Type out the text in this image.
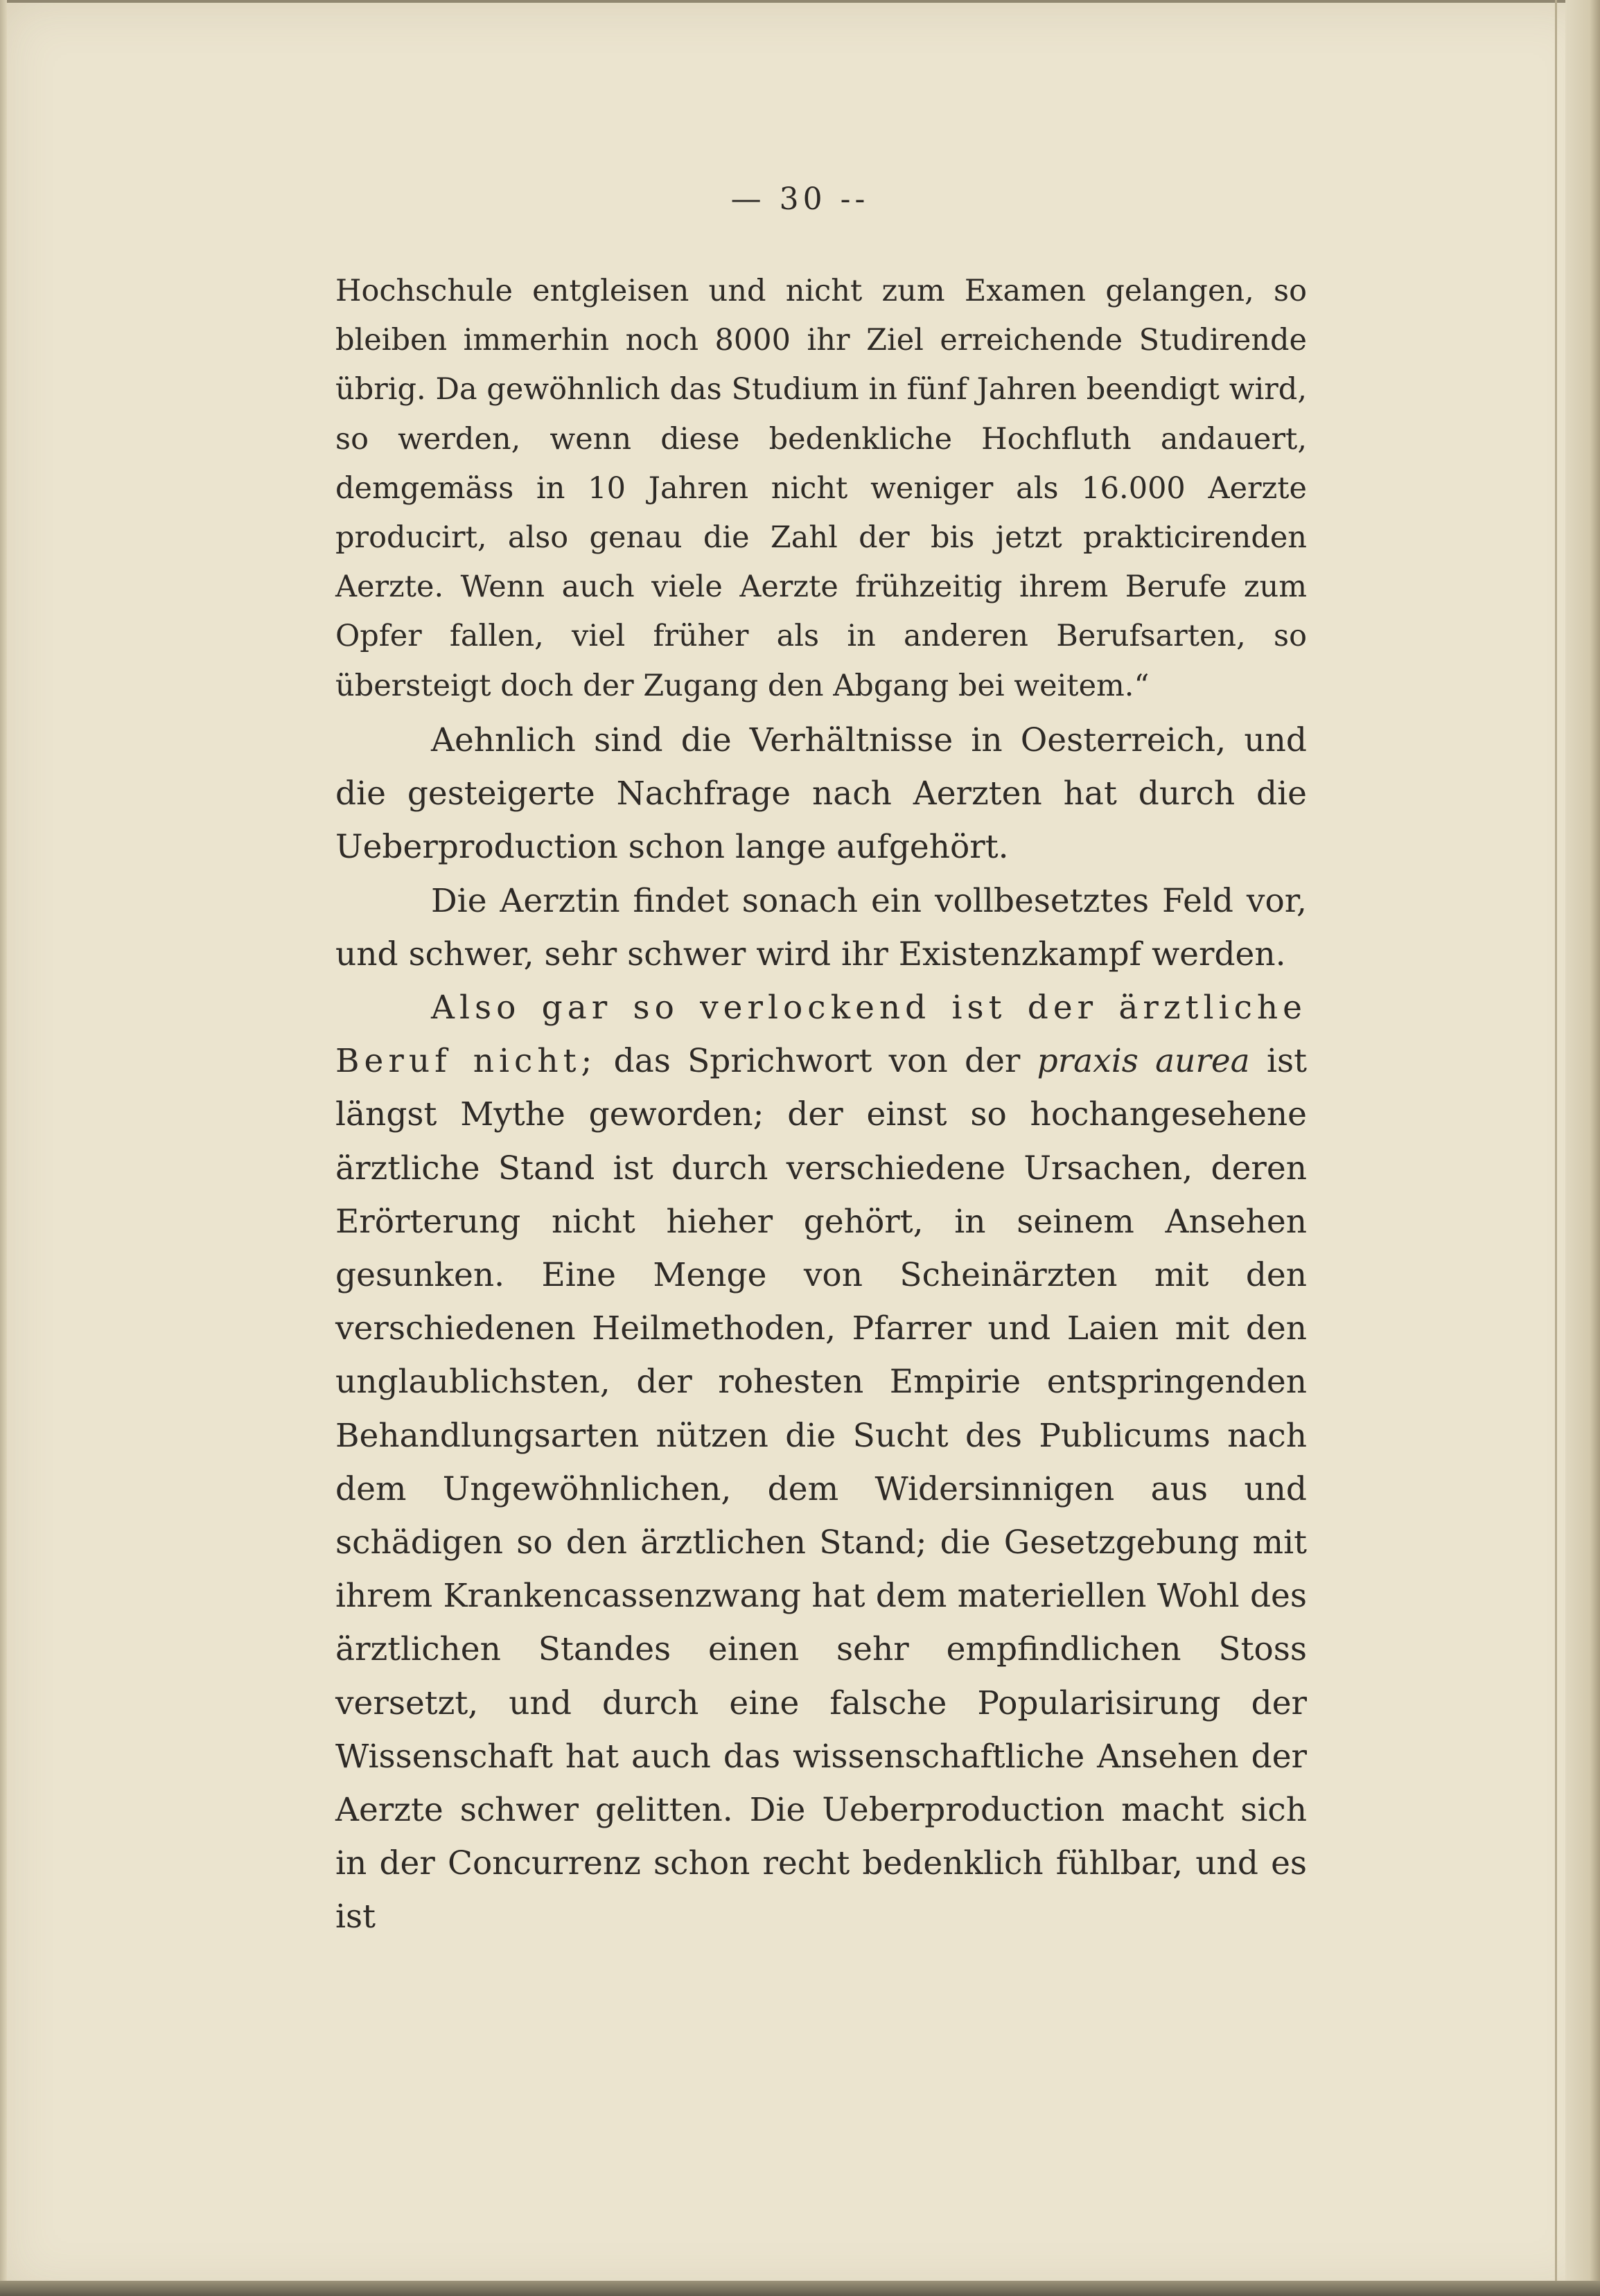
— 30 --

Hochschule entgleisen und nicht zum Examen gelangen, so bleiben immerhin noch 8000 ihr Ziel erreichende Studirende übrig. Da gewöhnlich das Studium in fünf Jahren beendigt wird, so werden, wenn diese bedenkliche Hochfluth andauert, demgemäss in 10 Jahren nicht weniger als 16.000 Aerzte producirt, also genau die Zahl der bis jetzt prakticirenden Aerzte. Wenn auch viele Aerzte frühzeitig ihrem Berufe zum Opfer fallen, viel früher als in anderen Berufsarten, so übersteigt doch der Zugang den Abgang bei weitem.“

Aehnlich sind die Verhältnisse in Oesterreich, und die gesteigerte Nachfrage nach Aerzten hat durch die Ueberproduction schon lange aufgehört.

Die Aerztin findet sonach ein vollbesetztes Feld vor, und schwer, sehr schwer wird ihr Existenzkampf werden.

Also gar so verlockend ist der ärztliche Beruf nicht; das Sprichwort von der praxis aurea ist längst Mythe geworden; der einst so hochangesehene ärztliche Stand ist durch verschiedene Ursachen, deren Erörterung nicht hieher gehört, in seinem Ansehen gesunken. Eine Menge von Scheinärzten mit den verschiedenen Heilmethoden, Pfarrer und Laien mit den unglaublichsten, der rohesten Empirie entspringenden Behandlungsarten nützen die Sucht des Publicums nach dem Ungewöhnlichen, dem Widersinnigen aus und schädigen so den ärztlichen Stand; die Gesetzgebung mit ihrem Krankencassenzwang hat dem materiellen Wohl des ärztlichen Standes einen sehr empfindlichen Stoss versetzt, und durch eine falsche Popularisirung der Wissenschaft hat auch das wissenschaftliche Ansehen der Aerzte schwer gelitten. Die Ueberproduction macht sich in der Concurrenz schon recht bedenklich fühlbar, und es ist
